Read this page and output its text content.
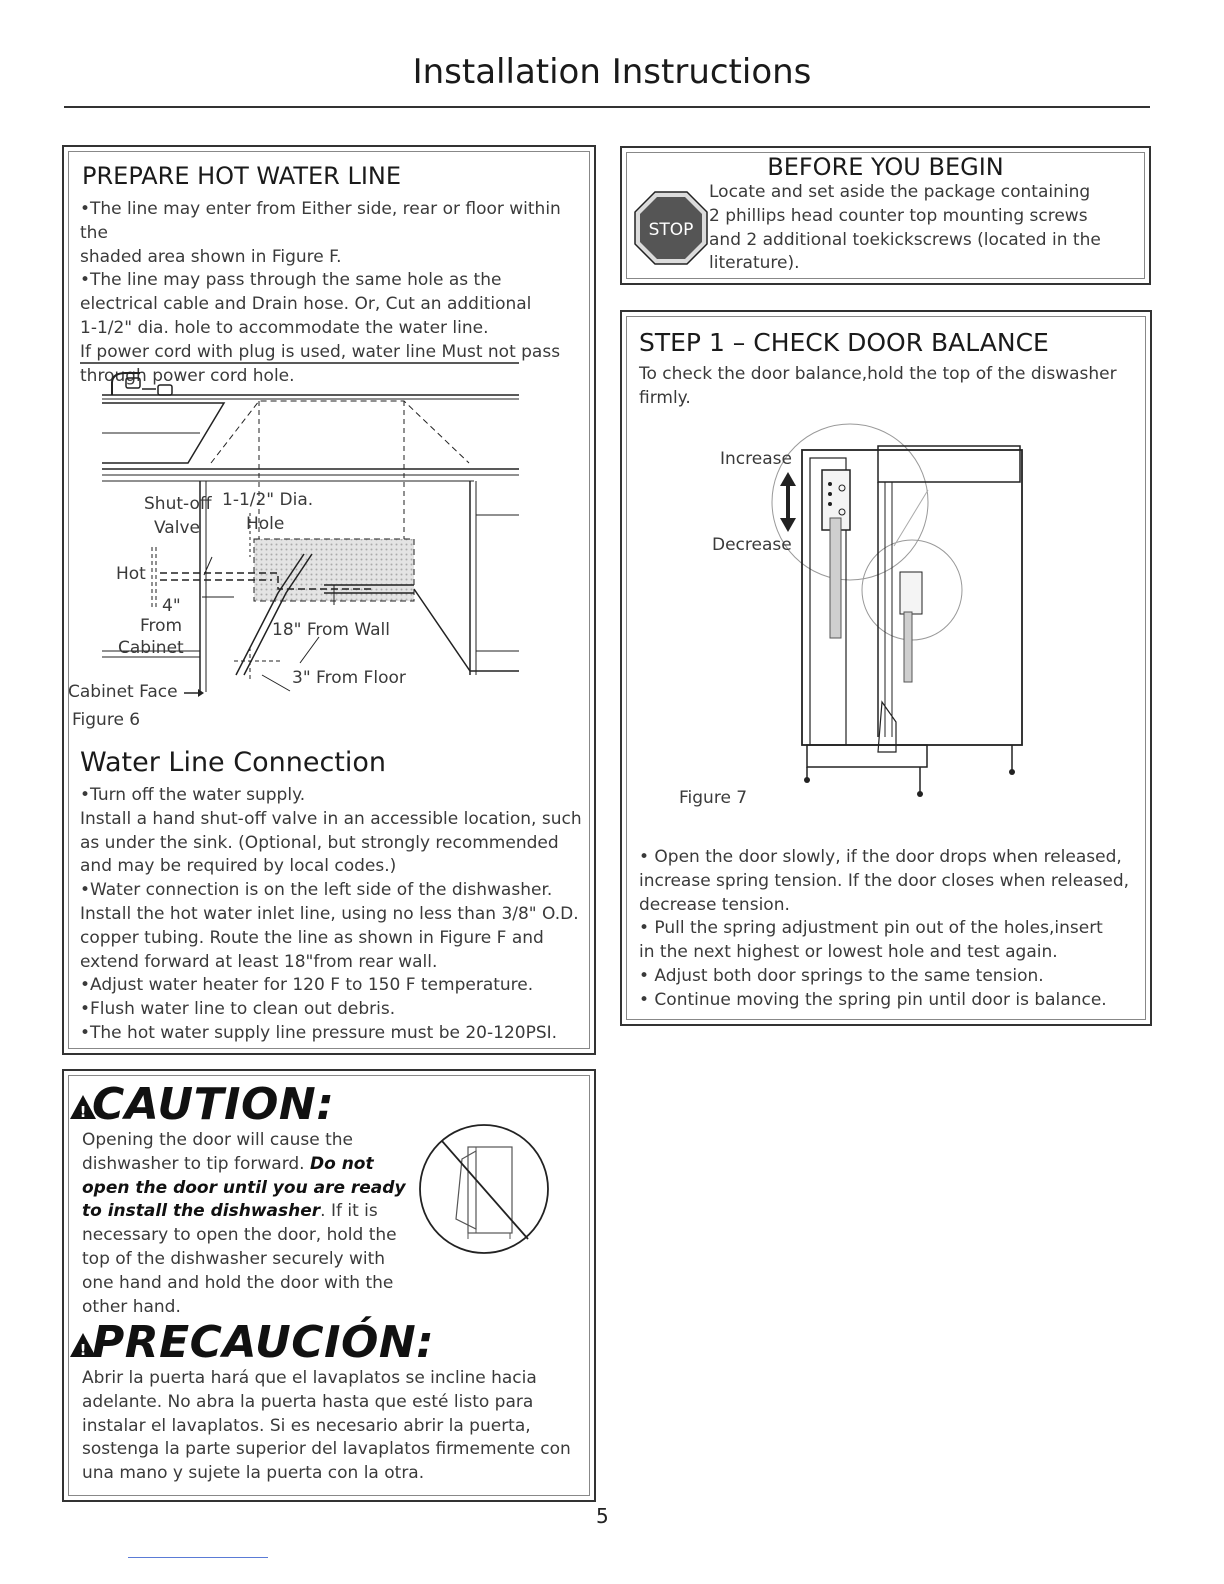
Installation Instructions
PREPARE HOT WATER LINE

•The line may enter from Either side, rear or floor within the

shaded area shown in Figure F.

•The line may pass through the same hole as the

electrical cable and Drain hose. Or, Cut an additional

1-1/2" dia. hole to accommodate the water line.

If power cord with plug is used, water line Must not pass

through power cord hole.

Shut-off
Valve
1-1/2" Dia.
Hole
Hot
4"
From
Cabinet
18" From Wall
3" From Floor
Cabinet Face

Figure 6

Water Line Connection

•Turn off the water supply.

Install a hand shut-off valve in an accessible location, such

as under the sink. (Optional, but strongly recommended

and may be required by local codes.)

•Water connection is on the left side of the dishwasher.

Install the hot water inlet line, using no less than 3/8" O.D.

copper tubing. Route the line as shown in Figure F and

extend forward at least 18"from rear wall.

•Adjust water heater for 120 F to 150 F temperature.

•Flush water line to clean out debris.

•The hot water supply line pressure must be 20-120PSI.

BEFORE YOU BEGIN
STOP

Locate and set aside the package containing

2 phillips head counter top mounting screws

and 2 additional toekickscrews (located in the

literature).

STEP 1 – CHECK DOOR BALANCE

To check the door balance,hold the top of the diswasher

firmly.

Increase
Decrease

Figure 7

• Open the door slowly, if the door drops when released,

increase spring tension. If the door closes when released,

decrease tension.

• Pull the spring adjustment pin out of the holes,insert

in the next highest or lowest hole and test again.

• Adjust both door springs to the same tension.

• Continue moving the spring pin until door is balance.

! CAUTION:

Opening the door will cause the

dishwasher to tip forward. Do not

open the door until you are ready

to install the dishwasher. If it is

necessary to open the door, hold the

top of the dishwasher securely with

one hand and hold the door with the

other hand.

! PRECAUCIÓN:

Abrir la puerta hará que el lavaplatos se incline hacia

adelante. No abra la puerta hasta que esté listo para

instalar el lavaplatos. Si es necesario abrir la puerta,

sostenga la parte superior del lavaplatos firmemente con

una mano y sujete la puerta con la otra.

5
